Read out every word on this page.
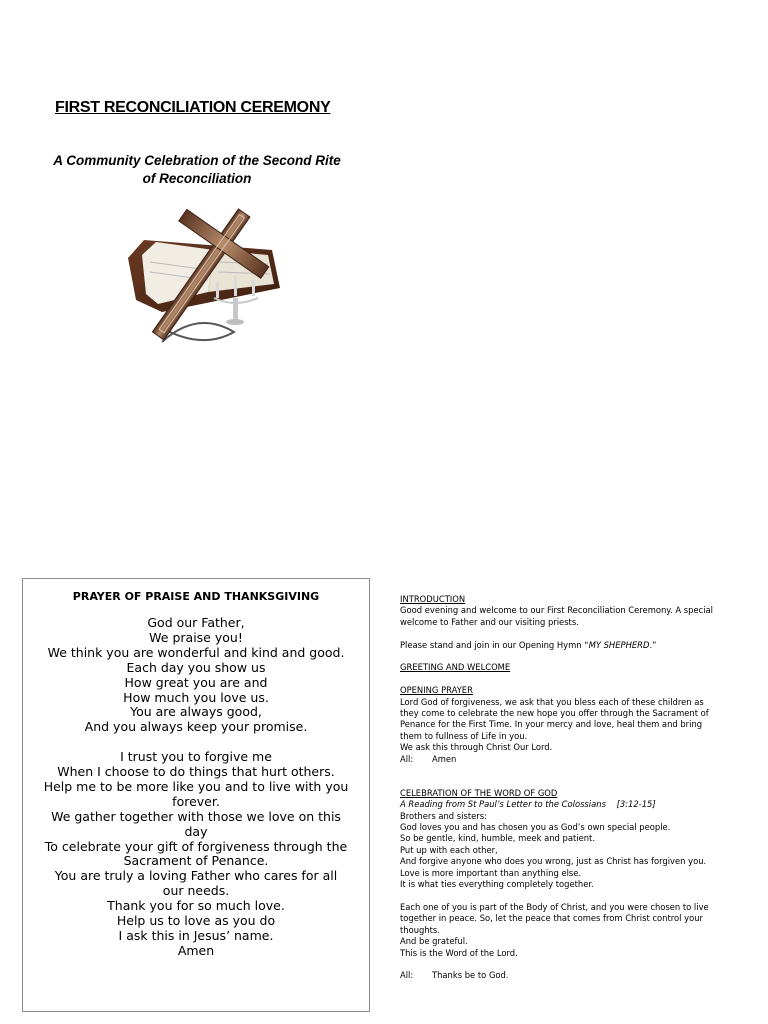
FIRST RECONCILIATION CEREMONY
A Community Celebration of the Second Rite
of Reconciliation
PRAYER OF PRAISE AND THANKSGIVING
God our Father,
We praise you!
We think you are wonderful and kind and good.
Each day you show us
How great you are and
How much you love us.
You are always good,
And you always keep your promise.
I trust you to forgive me
When I choose to do things that hurt others.
Help me to be more like you and to live with you
forever.
We gather together with those we love on this
day
To celebrate your gift of forgiveness through the
Sacrament of Penance.
You are truly a loving Father who cares for all
our needs.
Thank you for so much love.
Help us to love as you do
I ask this in Jesus’ name.
Amen
INTRODUCTION
Good evening and welcome to our First Reconciliation Ceremony. A special
welcome to Father and our visiting priests.
Please stand and join in our Opening Hymn “MY SHEPHERD.”
GREETING AND WELCOME
OPENING PRAYER
Lord God of forgiveness, we ask that you bless each of these children as
they come to celebrate the new hope you offer through the Sacrament of
Penance for the First Time. In your mercy and love, heal them and bring
them to fullness of Life in you.
We ask this through Christ Our Lord.
All: Amen
CELEBRATION OF THE WORD OF GOD
A Reading from St Paul’s Letter to the Colossians [3:12-15]
Brothers and sisters:
God loves you and has chosen you as God’s own special people.
So be gentle, kind, humble, meek and patient.
Put up with each other,
And forgive anyone who does you wrong, just as Christ has forgiven you.
Love is more important than anything else.
It is what ties everything completely together.
Each one of you is part of the Body of Christ, and you were chosen to live
together in peace. So, let the peace that comes from Christ control your
thoughts.
And be grateful.
This is the Word of the Lord.
All: Thanks be to God.
